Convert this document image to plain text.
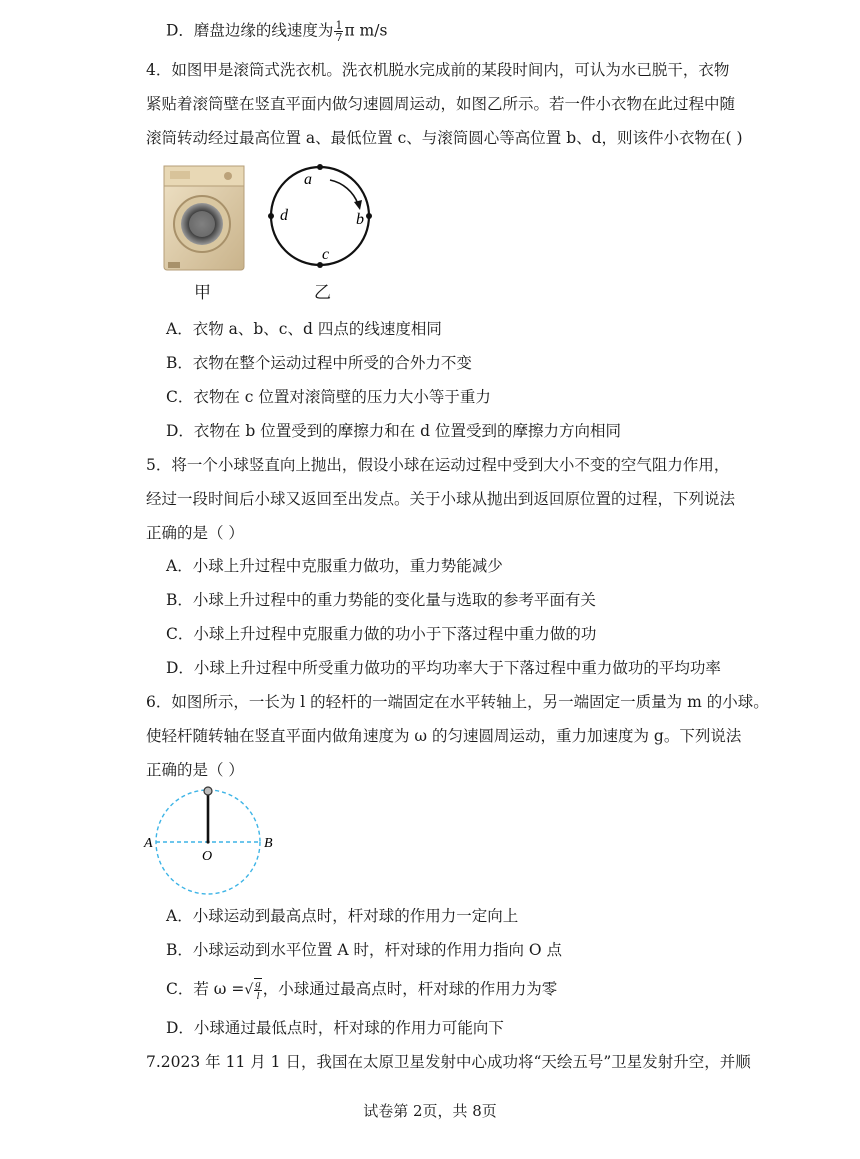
D．磨盘边缘的线速度为 $\frac{1}{7}$ π m/s
4．如图甲是滚筒式洗衣机。洗衣机脱水完成前的某段时间内，可认为水已脱干，衣物
紧贴着滚筒壁在竖直平面内做匀速圆周运动，如图乙所示。若一件小衣物在此过程中随
滚筒转动经过最高位置 a、最低位置 c、与滚筒圆心等高位置 b、d，则该件小衣物在( )
甲
a
b
c
d
乙
A．衣物 a、b、c、d 四点的线速度相同
B．衣物在整个运动过程中所受的合外力不变
C．衣物在 c 位置对滚筒壁的压力大小等于重力
D．衣物在 b 位置受到的摩擦力和在 d 位置受到的摩擦力方向相同
5．将一个小球竖直向上抛出，假设小球在运动过程中受到大小不变的空气阻力作用，
经过一段时间后小球又返回至出发点。关于小球从抛出到返回原位置的过程，下列说法
正确的是（ ）
A．小球上升过程中克服重力做功，重力势能减少
B．小球上升过程中的重力势能的变化量与选取的参考平面有关
C．小球上升过程中克服重力做的功小于下落过程中重力做的功
D．小球上升过程中所受重力做功的平均功率大于下落过程中重力做功的平均功率
6．如图所示，一长为 l 的轻杆的一端固定在水平转轴上，另一端固定一质量为 m 的小球。
使轻杆随转轴在竖直平面内做角速度为 ω 的匀速圆周运动，重力加速度为 g。下列说法
正确的是（ ）
A	B
O
A．小球运动到最高点时，杆对球的作用力一定向上
B．小球运动到水平位置 A 时，杆对球的作用力指向 O 点
C．若 ω =√ $\frac{g}{l}$ ，小球通过最高点时，杆对球的作用力为零
D．小球通过最低点时，杆对球的作用力可能向下
7.2023 年 11 月 1 日，我国在太原卫星发射中心成功将“天绘五号”卫星发射升空，并顺
试卷第 2页，共 8页
